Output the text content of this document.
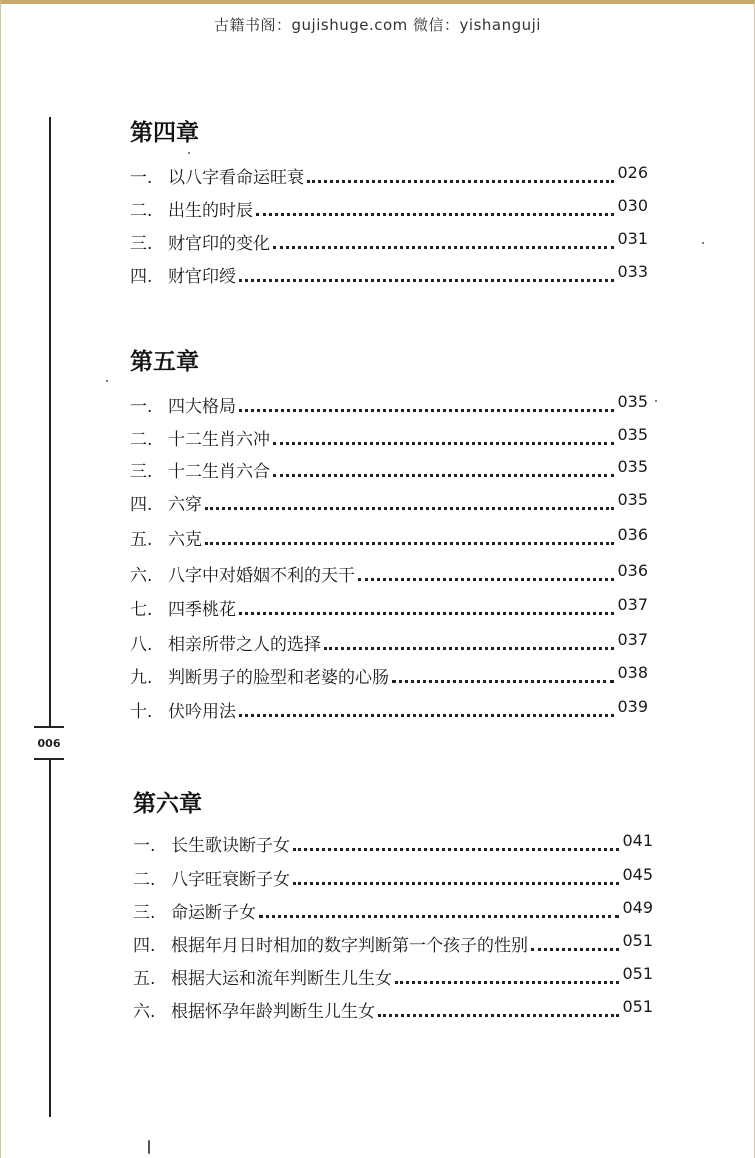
古籍书阁：gujishuge.com 微信：yishanguji
006
第四章
一. 以八字看命运旺衰	026
二. 出生的时辰	030
三. 财官印的变化	031
四. 财官印绶	033
第五章
一. 四大格局	035
二. 十二生肖六冲	035
三. 十二生肖六合	035
四. 六穿	035
五. 六克	036
六. 八字中对婚姻不利的天干	036
七. 四季桃花	037
八. 相亲所带之人的选择	037
九. 判断男子的脸型和老婆的心肠	038
十. 伏吟用法	039
第六章
一. 长生歌诀断子女	041
二. 八字旺衰断子女	045
三. 命运断子女	049
四. 根据年月日时相加的数字判断第一个孩子的性别	051
五. 根据大运和流年判断生儿生女	051
六. 根据怀孕年龄判断生儿生女	051
